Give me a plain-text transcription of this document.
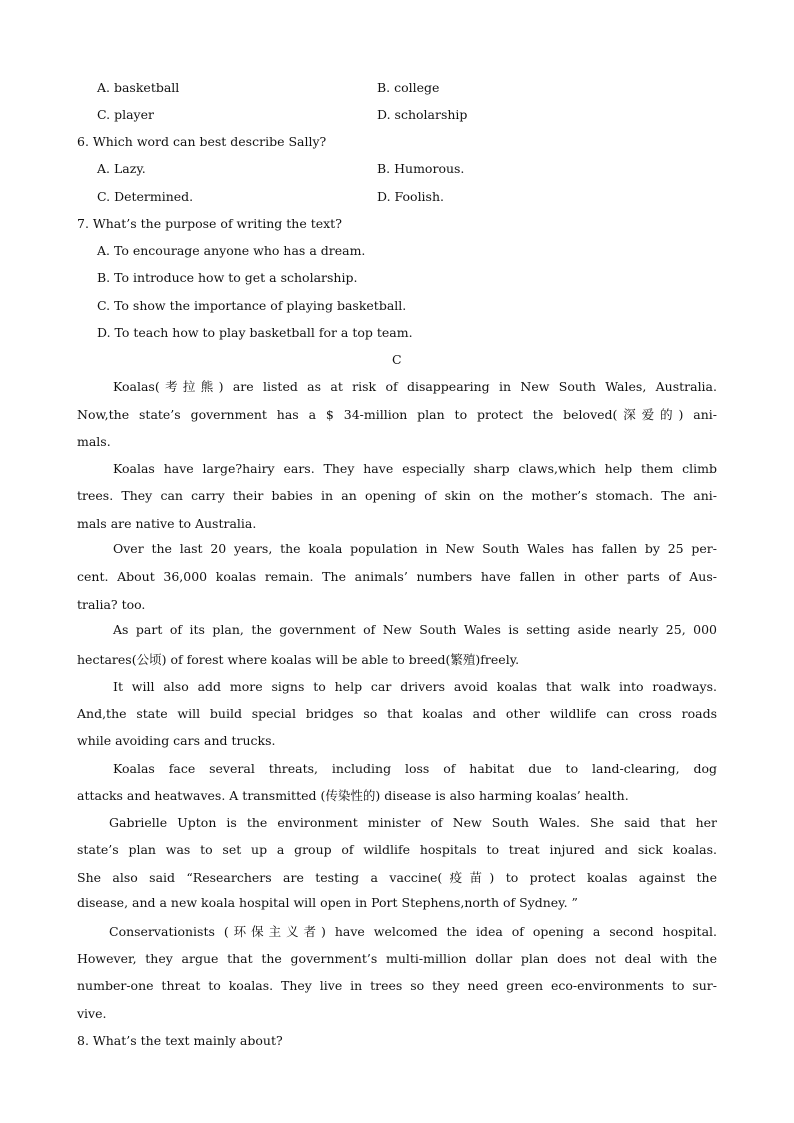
A. basketball	B. college
C. player	D. scholarship
6. Which word can best describe Sally?
A. Lazy.	B. Humorous.
C. Determined.	D. Foolish.
7. What’s the purpose of writing the text?
A. To encourage anyone who has a dream.
B. To introduce how to get a scholarship.
C. To show the importance of playing basketball.
D. To teach how to play basketball for a top team.
C
Koalas(考拉熊) are listed as at risk of disappearing in New South Wales, Australia.
Now,the state’s government has a $ 34-million plan to protect the beloved(深爱的) ani-
mals.
Koalas have large?hairy ears. They have especially sharp claws,which help them climb
trees. They can carry their babies in an opening of skin on the mother’s stomach. The ani-
mals are native to Australia.
Over the last 20 years, the koala population in New South Wales has fallen by 25 per-
cent. About 36,000 koalas remain. The animals’ numbers have fallen in other parts of Aus-
tralia? too.
As part of its plan, the government of New South Wales is setting aside nearly 25, 000
hectares(公顷) of forest where koalas will be able to breed(繁殖)freely.
It will also add more signs to help car drivers avoid koalas that walk into roadways.
And,the state will build special bridges so that koalas and other wildlife can cross roads
while avoiding cars and trucks.
Koalas face several threats, including loss of habitat due to land-clearing, dog
attacks and heatwaves. A transmitted (传染性的) disease is also harming koalas’ health.
Gabrielle Upton is the environment minister of New South Wales. She said that her
state’s plan was to set up a group of wildlife hospitals to treat injured and sick koalas.
She also said “Researchers are testing a vaccine(疫苗) to protect koalas against the
disease, and a new koala hospital will open in Port Stephens,north of Sydney. ”
Conservationists (环保主义者) have welcomed the idea of opening a second hospital.
However, they argue that the government’s multi-million dollar plan does not deal with the
number-one threat to koalas. They live in trees so they need green eco-environments to sur-
vive.
8. What’s the text mainly about?
